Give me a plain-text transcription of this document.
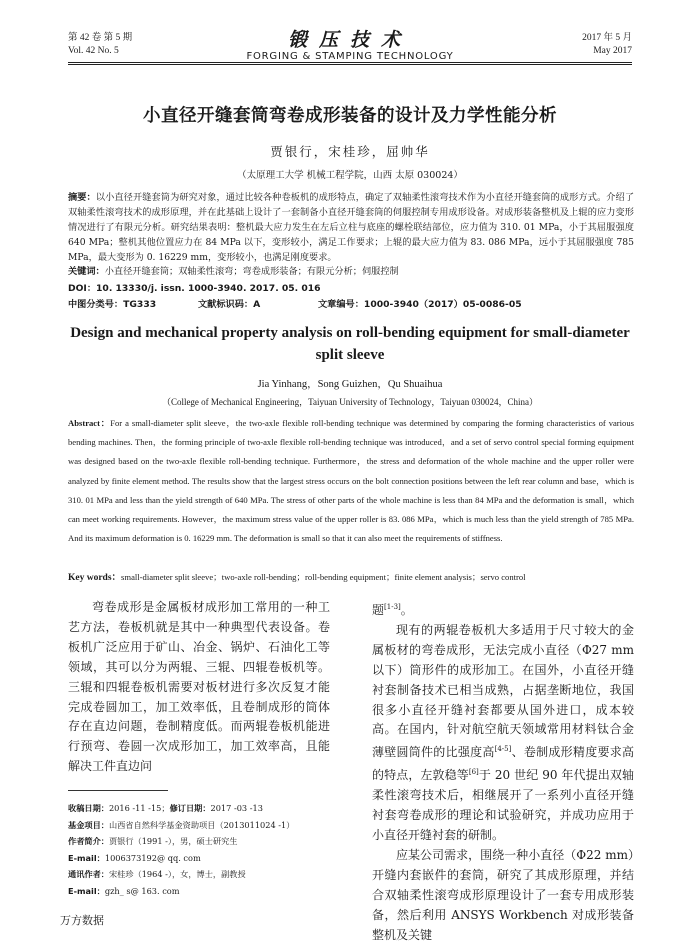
第 42 卷 第 5 期
Vol. 42 No. 5	锻压技术
FORGING & STAMPING TECHNOLOGY
2017 年 5 月
May 2017
小直径开缝套筒弯卷成形装备的设计及力学性能分析
贾银行，宋桂珍，屈帅华
（太原理工大学 机械工程学院，山西 太原 030024）
摘要：以小直径开缝套筒为研究对象，通过比较各种卷板机的成形特点，确定了双轴柔性滚弯技术作为小直径开缝套筒的成形方式。介绍了双轴柔性滚弯技术的成形原理，并在此基础上设计了一套制备小直径开缝套筒的伺服控制专用成形设备。对成形装备整机及上辊的应力变形情况进行了有限元分析。研究结果表明：整机最大应力发生在左后立柱与底座的螺栓联结部位，应力值为 310. 01 MPa，小于其屈服强度 640 MPa；整机其他位置应力在 84 MPa 以下，变形较小，满足工作要求；上辊的最大应力值为 83. 086 MPa，远小于其屈服强度 785 MPa，最大变形为 0. 16229 mm，变形较小，也满足刚度要求。
关键词：小直径开缝套筒；双轴柔性滚弯；弯卷成形装备；有限元分析；伺服控制
DOI：10. 13330/j. issn. 1000-3940. 2017. 05. 016
中图分类号：TG333	文献标识码：A	文章编号：1000-3940（2017）05-0086-05
Design and mechanical property analysis on roll-bending equipment for small-diameter split sleeve
Jia Yinhang，Song Guizhen，Qu Shuaihua
（College of Mechanical Engineering，Taiyuan University of Technology，Taiyuan 030024，China）
Abstract：For a small-diameter split sleeve，the two-axle flexible roll-bending technique was determined by comparing the forming characteristics of various bending machines. Then，the forming principle of two-axle flexible roll-bending technique was introduced，and a set of servo control special forming equipment was designed based on the two-axle flexible roll-bending technique. Furthermore，the stress and deformation of the whole machine and the upper roller were analyzed by finite element method. The results show that the largest stress occurs on the bolt connection positions between the left rear column and base，which is 310. 01 MPa and less than the yield strength of 640 MPa. The stress of other parts of the whole machine is less than 84 MPa and the deformation is small，which can meet working requirements. However，the maximum stress value of the upper roller is 83. 086 MPa，which is much less than the yield strength of 785 MPa. And its maximum deformation is 0. 16229 mm. The deformation is small so that it can also meet the requirements of stiffness.
Key words：small-diameter split sleeve；two-axle roll-bending；roll-bending equipment；finite element analysis；servo control

弯卷成形是金属板材成形加工常用的一种工艺方法，卷板机就是其中一种典型代表设备。卷板机广泛应用于矿山、冶金、锅炉、石油化工等领域，其可以分为两辊、三辊、四辊卷板机等。三辊和四辊卷板机需要对板材进行多次反复才能完成卷圆加工，加工效率低，且卷制成形的筒体存在直边问题，卷制精度低。而两辊卷板机能进行预弯、卷圆一次成形加工，加工效率高，且能解决工件直边问

题[1-3]。

现有的两辊卷板机大多适用于尺寸较大的金属板材的弯卷成形，无法完成小直径（Φ27 mm 以下）筒形件的成形加工。在国外，小直径开缝衬套制备技术已相当成熟，占据垄断地位，我国很多小直径开缝衬套都要从国外进口，成本较高。在国内，针对航空航天领域常用材料钛合金薄壁圆筒件的比强度高[4-5]、卷制成形精度要求高的特点，左敦稳等[6]于 20 世纪 90 年代提出双轴柔性滚弯技术后，相继展开了一系列小直径开缝衬套弯卷成形的理论和试验研究，并成功应用于小直径开缝衬套的研制。

应某公司需求，围绕一种小直径（Φ22 mm）开缝内套嵌件的套筒，研究了其成形原理，并结合双轴柔性滚弯成形原理设计了一套专用成形装备，然后利用 ANSYS Workbench 对成形装备整机及关键

收稿日期：2016 -11 -15；修订日期：2017 -03 -13
基金项目：山西省自然科学基金资助项目（2013011024 -1）
作者简介：贾银行（1991 -），男，硕士研究生
E-mail：1006373192@ qq. com
通讯作者：宋桂珍（1964 -），女，博士，副教授
E-mail：gzh_ s@ 163. com
万方数据
